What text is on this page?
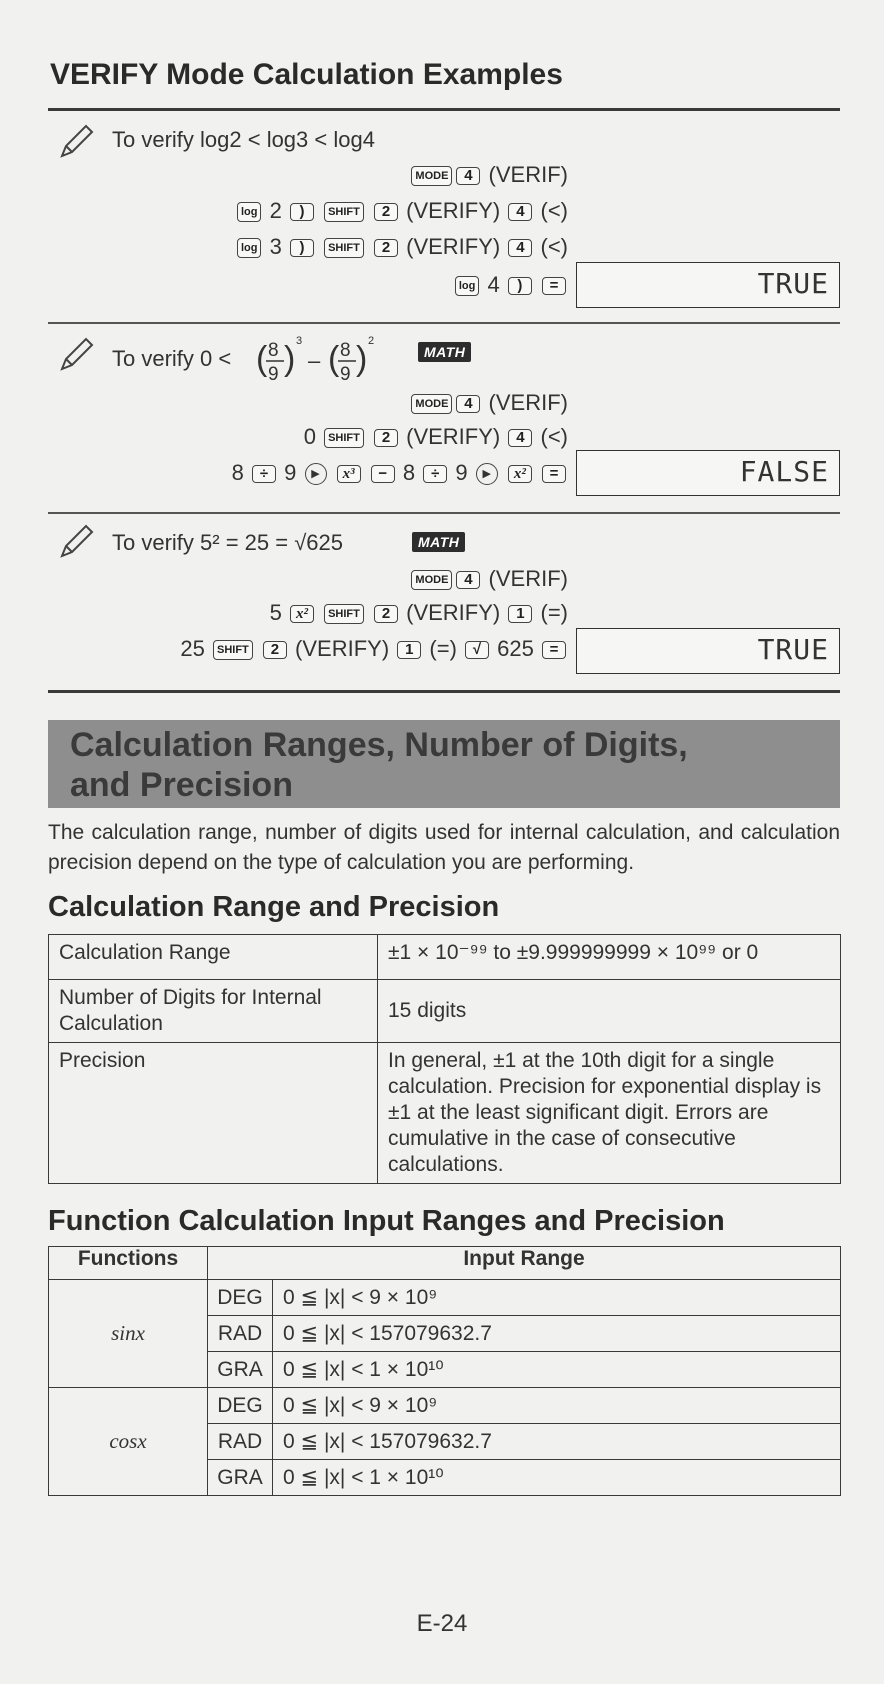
VERIFY Mode Calculation Examples
To verify log2 < log3 < log4
MODE 4 (VERIF)
log 2 ) SHIFT 2 (VERIFY) 4 (<)
log 3 ) SHIFT 2 (VERIFY) 4 (<)
log 4 ) =	TRUE
To verify 0 < ( 8
9 ) 3
– ( 8
9 ) 2
MATH
MODE 4 (VERIF)
0 SHIFT 2 (VERIFY) 4 (<)
8 ÷ 9 ▶ x³ − 8 ÷ 9 ▶ x² =	FALSE
To verify 5² = 25 = √625	MATH
MODE 4 (VERIF)
5 x² SHIFT 2 (VERIFY) 1 (=)
25 SHIFT 2 (VERIFY) 1 (=) √ 625 =	TRUE
Calculation Ranges, Number of Digits,
and Precision
The calculation range, number of digits used for internal calculation, and calculation precision depend on the type of calculation you are performing.
Calculation Range and Precision
Calculation Range	±1 × 10⁻⁹⁹ to ±9.999999999 × 10⁹⁹ or 0
Number of Digits for Internal Calculation	15 digits
Precision	In general, ±1 at the 10th digit for a single calculation. Precision for exponential display is ±1 at the least significant digit. Errors are cumulative in the case of consecutive calculations.
Function Calculation Input Ranges and Precision
Functions	Input Range	
sinx	DEG	0 ≦ |x| < 9 × 10⁹
	RAD	0 ≦ |x| < 157079632.7
	GRA	0 ≦ |x| < 1 × 10¹⁰
cosx	DEG	0 ≦ |x| < 9 × 10⁹
	RAD	0 ≦ |x| < 157079632.7
	GRA	0 ≦ |x| < 1 × 10¹⁰
E-24
